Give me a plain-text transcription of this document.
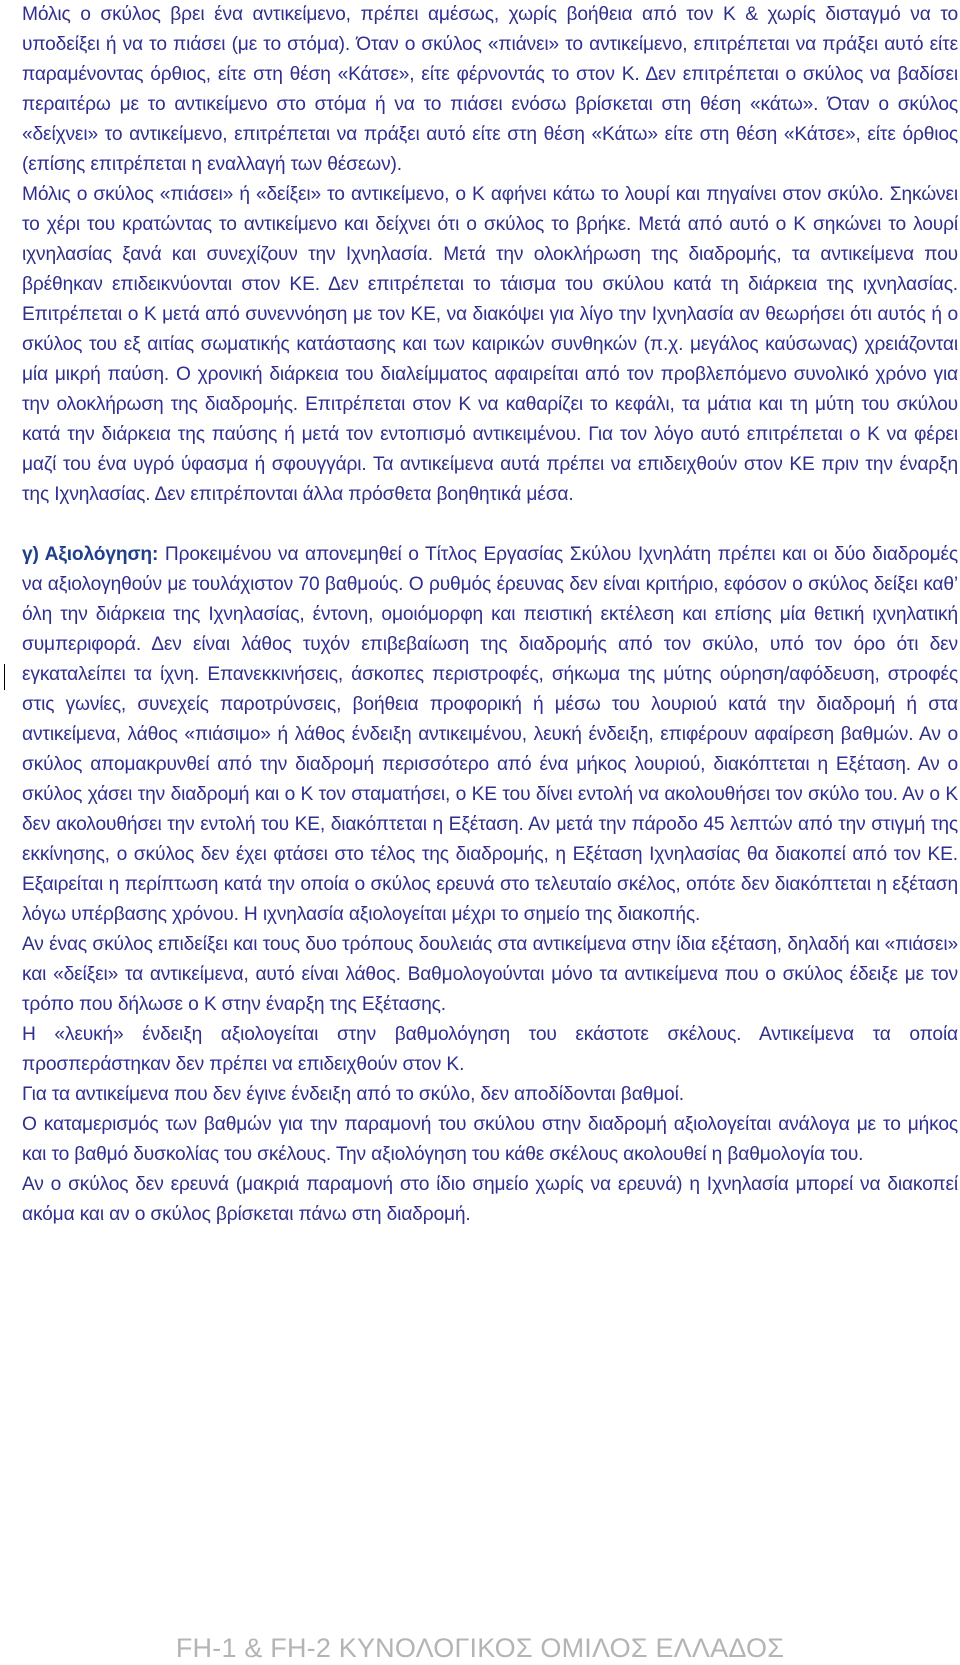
Μόλις ο σκύλος βρει ένα αντικείμενο, πρέπει αμέσως, χωρίς βοήθεια από τον Κ & χωρίς δισταγμό να το υποδείξει ή να το πιάσει (με το στόμα). Όταν ο σκύλος «πιάνει» το αντικείμενο, επιτρέπεται να πράξει αυτό είτε παραμένοντας όρθιος, είτε στη θέση «Κάτσε», είτε φέρνοντάς το στον Κ. Δεν επιτρέπεται ο σκύλος να βαδίσει περαιτέρω με το αντικείμενο στο στόμα ή να το πιάσει ενόσω βρίσκεται στη θέση «κάτω». Όταν ο σκύλος «δείχνει» το αντικείμενο, επιτρέπεται να πράξει αυτό είτε στη θέση «Κάτω» είτε στη θέση «Κάτσε», είτε όρθιος (επίσης επιτρέπεται η εναλλαγή των θέσεων).

Μόλις ο σκύλος «πιάσει» ή «δείξει» το αντικείμενο, ο Κ αφήνει κάτω το λουρί και πηγαίνει στον σκύλο. Σηκώνει το χέρι του κρατώντας το αντικείμενο και δείχνει ότι ο σκύλος το βρήκε. Μετά από αυτό ο Κ σηκώνει το λουρί ιχνηλασίας ξανά και συνεχίζουν την Ιχνηλασία. Μετά την ολοκλήρωση της διαδρομής, τα αντικείμενα που βρέθηκαν επιδεικνύονται στον ΚΕ. Δεν επιτρέπεται το τάισμα του σκύλου κατά τη διάρκεια της ιχνηλασίας. Επιτρέπεται ο Κ μετά από συνεννόηση με τον ΚΕ, να διακόψει για λίγο την Ιχνηλασία αν θεωρήσει ότι αυτός ή ο σκύλος του εξ αιτίας σωματικής κατάστασης και των καιρικών συνθηκών (π.χ. μεγάλος καύσωνας) χρειάζονται μία μικρή παύση. Ο χρονική διάρκεια του διαλείμματος αφαιρείται από τον προβλεπόμενο συνολικό χρόνο για την ολοκλήρωση της διαδρομής. Επιτρέπεται στον Κ να καθαρίζει το κεφάλι, τα μάτια και τη μύτη του σκύλου κατά την διάρκεια της παύσης ή μετά τον εντοπισμό αντικειμένου. Για τον λόγο αυτό επιτρέπεται ο Κ να φέρει μαζί του ένα υγρό ύφασμα ή σφουγγάρι. Τα αντικείμενα αυτά πρέπει να επιδειχθούν στον ΚΕ πριν την έναρξη της Ιχνηλασίας. Δεν επιτρέπονται άλλα πρόσθετα βοηθητικά μέσα.

γ) Αξιολόγηση: Προκειμένου να απονεμηθεί ο Τίτλος Εργασίας Σκύλου Ιχνηλάτη πρέπει και οι δύο διαδρομές να αξιολογηθούν με τουλάχιστον 70 βαθμούς. Ο ρυθμός έρευνας δεν είναι κριτήριο, εφόσον ο σκύλος δείξει καθ’ όλη την διάρκεια της Ιχνηλασίας, έντονη, ομοιόμορφη και πειστική εκτέλεση και επίσης μία θετική ιχνηλατική συμπεριφορά. Δεν είναι λάθος τυχόν επιβεβαίωση της διαδρομής από τον σκύλο, υπό τον όρο ότι δεν εγκαταλείπει τα ίχνη. Επανεκκινήσεις, άσκοπες περιστροφές, σήκωμα της μύτης ούρηση/αφόδευση, στροφές στις γωνίες, συνεχείς παροτρύνσεις, βοήθεια προφορική ή μέσω του λουριού κατά την διαδρομή ή στα αντικείμενα, λάθος «πιάσιμο» ή λάθος ένδειξη αντικειμένου, λευκή ένδειξη, επιφέρουν αφαίρεση βαθμών. Αν ο σκύλος απομακρυνθεί από την διαδρομή περισσότερο από ένα μήκος λουριού, διακόπτεται η Εξέταση. Αν ο σκύλος χάσει την διαδρομή και ο Κ τον σταματήσει, ο ΚΕ του δίνει εντολή να ακολουθήσει τον σκύλο του. Αν ο Κ δεν ακολουθήσει την εντολή του ΚΕ, διακόπτεται η Εξέταση. Αν μετά την πάροδο 45 λεπτών από την στιγμή της εκκίνησης, ο σκύλος δεν έχει φτάσει στο τέλος της διαδρομής, η Εξέταση Ιχνηλασίας θα διακοπεί από τον ΚΕ. Εξαιρείται η περίπτωση κατά την οποία ο σκύλος ερευνά στο τελευταίο σκέλος, οπότε δεν διακόπτεται η εξέταση λόγω υπέρβασης χρόνου. Η ιχνηλασία αξιολογείται μέχρι το σημείο της διακοπής.

Αν ένας σκύλος επιδείξει και τους δυο τρόπους δουλειάς στα αντικείμενα στην ίδια εξέταση, δηλαδή και «πιάσει» και «δείξει» τα αντικείμενα, αυτό είναι λάθος. Βαθμολογούνται μόνο τα αντικείμενα που ο σκύλος έδειξε με τον τρόπο που δήλωσε ο Κ στην έναρξη της Εξέτασης.

Η «λευκή» ένδειξη αξιολογείται στην βαθμολόγηση του εκάστοτε σκέλους. Αντικείμενα τα οποία προσπεράστηκαν δεν πρέπει να επιδειχθούν στον Κ.

Για τα αντικείμενα που δεν έγινε ένδειξη από το σκύλο, δεν αποδίδονται βαθμοί.

Ο καταμερισμός των βαθμών για την παραμονή του σκύλου στην διαδρομή αξιολογείται ανάλογα με το μήκος και το βαθμό δυσκολίας του σκέλους. Την αξιολόγηση του κάθε σκέλους ακολουθεί η βαθμολογία του.

Αν ο σκύλος δεν ερευνά (μακριά παραμονή στο ίδιο σημείο χωρίς να ερευνά) η Ιχνηλασία μπορεί να διακοπεί ακόμα και αν ο σκύλος βρίσκεται πάνω στη διαδρομή.

FH-1 & FH-2 ΚΥΝΟΛΟΓΙΚΟΣ ΟΜΙΛΟΣ ΕΛΛΑΔΟΣ
